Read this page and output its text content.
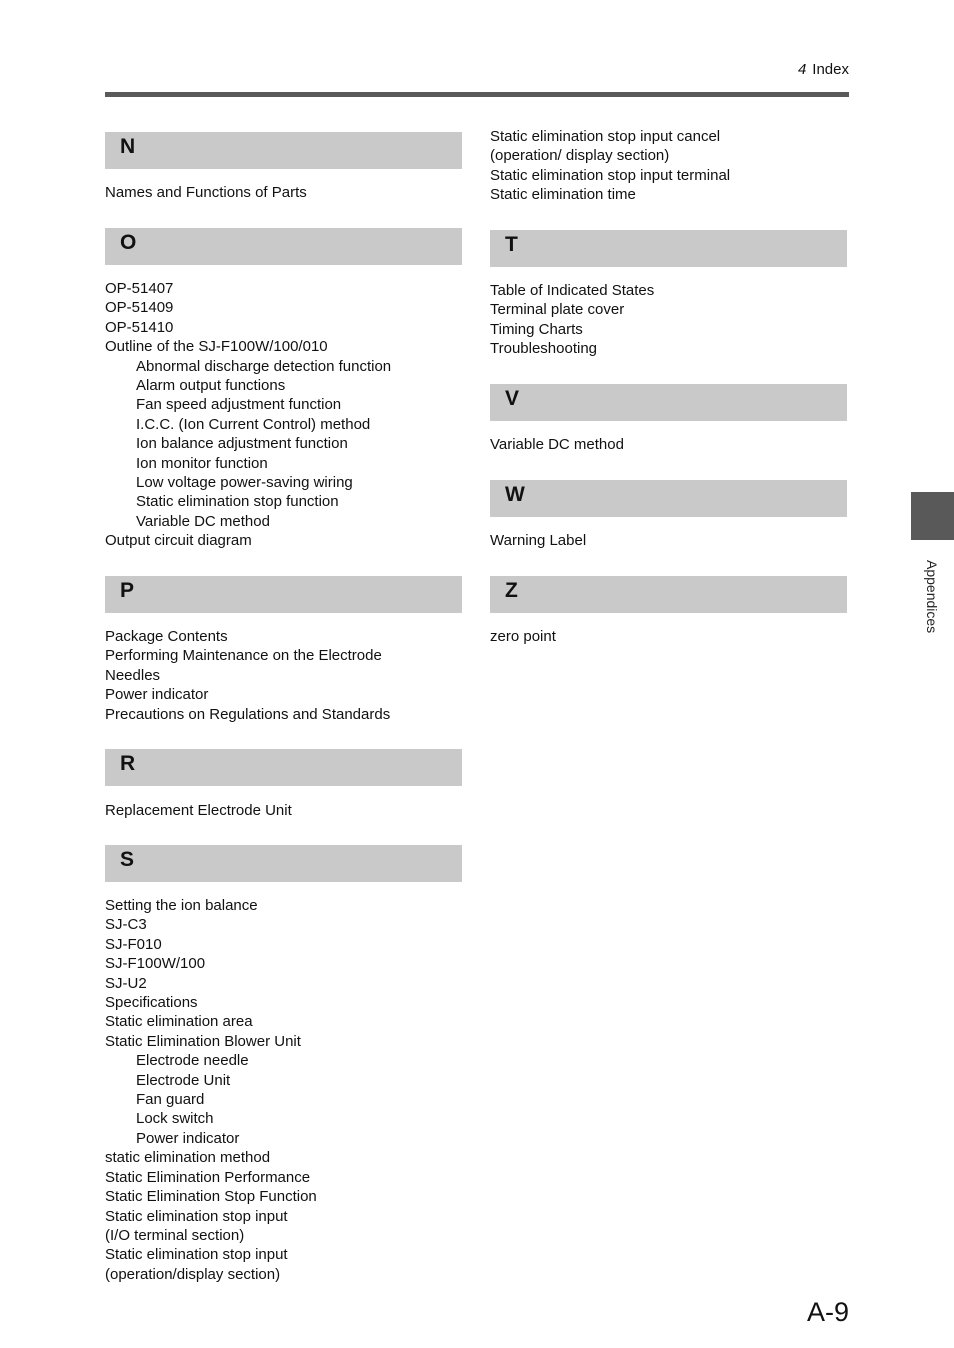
4 Index
N
Names and Functions of Parts
O
OP-51407
OP-51409
OP-51410
Outline of the SJ-F100W/100/010
Abnormal discharge detection function
Alarm output functions
Fan speed adjustment function
I.C.C. (Ion Current Control) method
Ion balance adjustment function
Ion monitor function
Low voltage power-saving wiring
Static elimination stop function
Variable DC method
Output circuit diagram
P
Package Contents
Performing Maintenance on the Electrode
Needles
Power indicator
Precautions on Regulations and Standards
R
Replacement Electrode Unit
S
Setting the ion balance
SJ-C3
SJ-F010
SJ-F100W/100
SJ-U2
Specifications
Static elimination area
Static Elimination Blower Unit
Electrode needle
Electrode Unit
Fan guard
Lock switch
Power indicator
static elimination method
Static Elimination Performance
Static Elimination Stop Function
Static elimination stop input
(I/O terminal section)
Static elimination stop input
(operation/display section)
Static elimination stop input cancel
(operation/ display section)
Static elimination stop input terminal
Static elimination time
T
Table of Indicated States
Terminal plate cover
Timing Charts
Troubleshooting
V
Variable DC method
W
Warning Label
Z
zero point
Appendices
A-9
